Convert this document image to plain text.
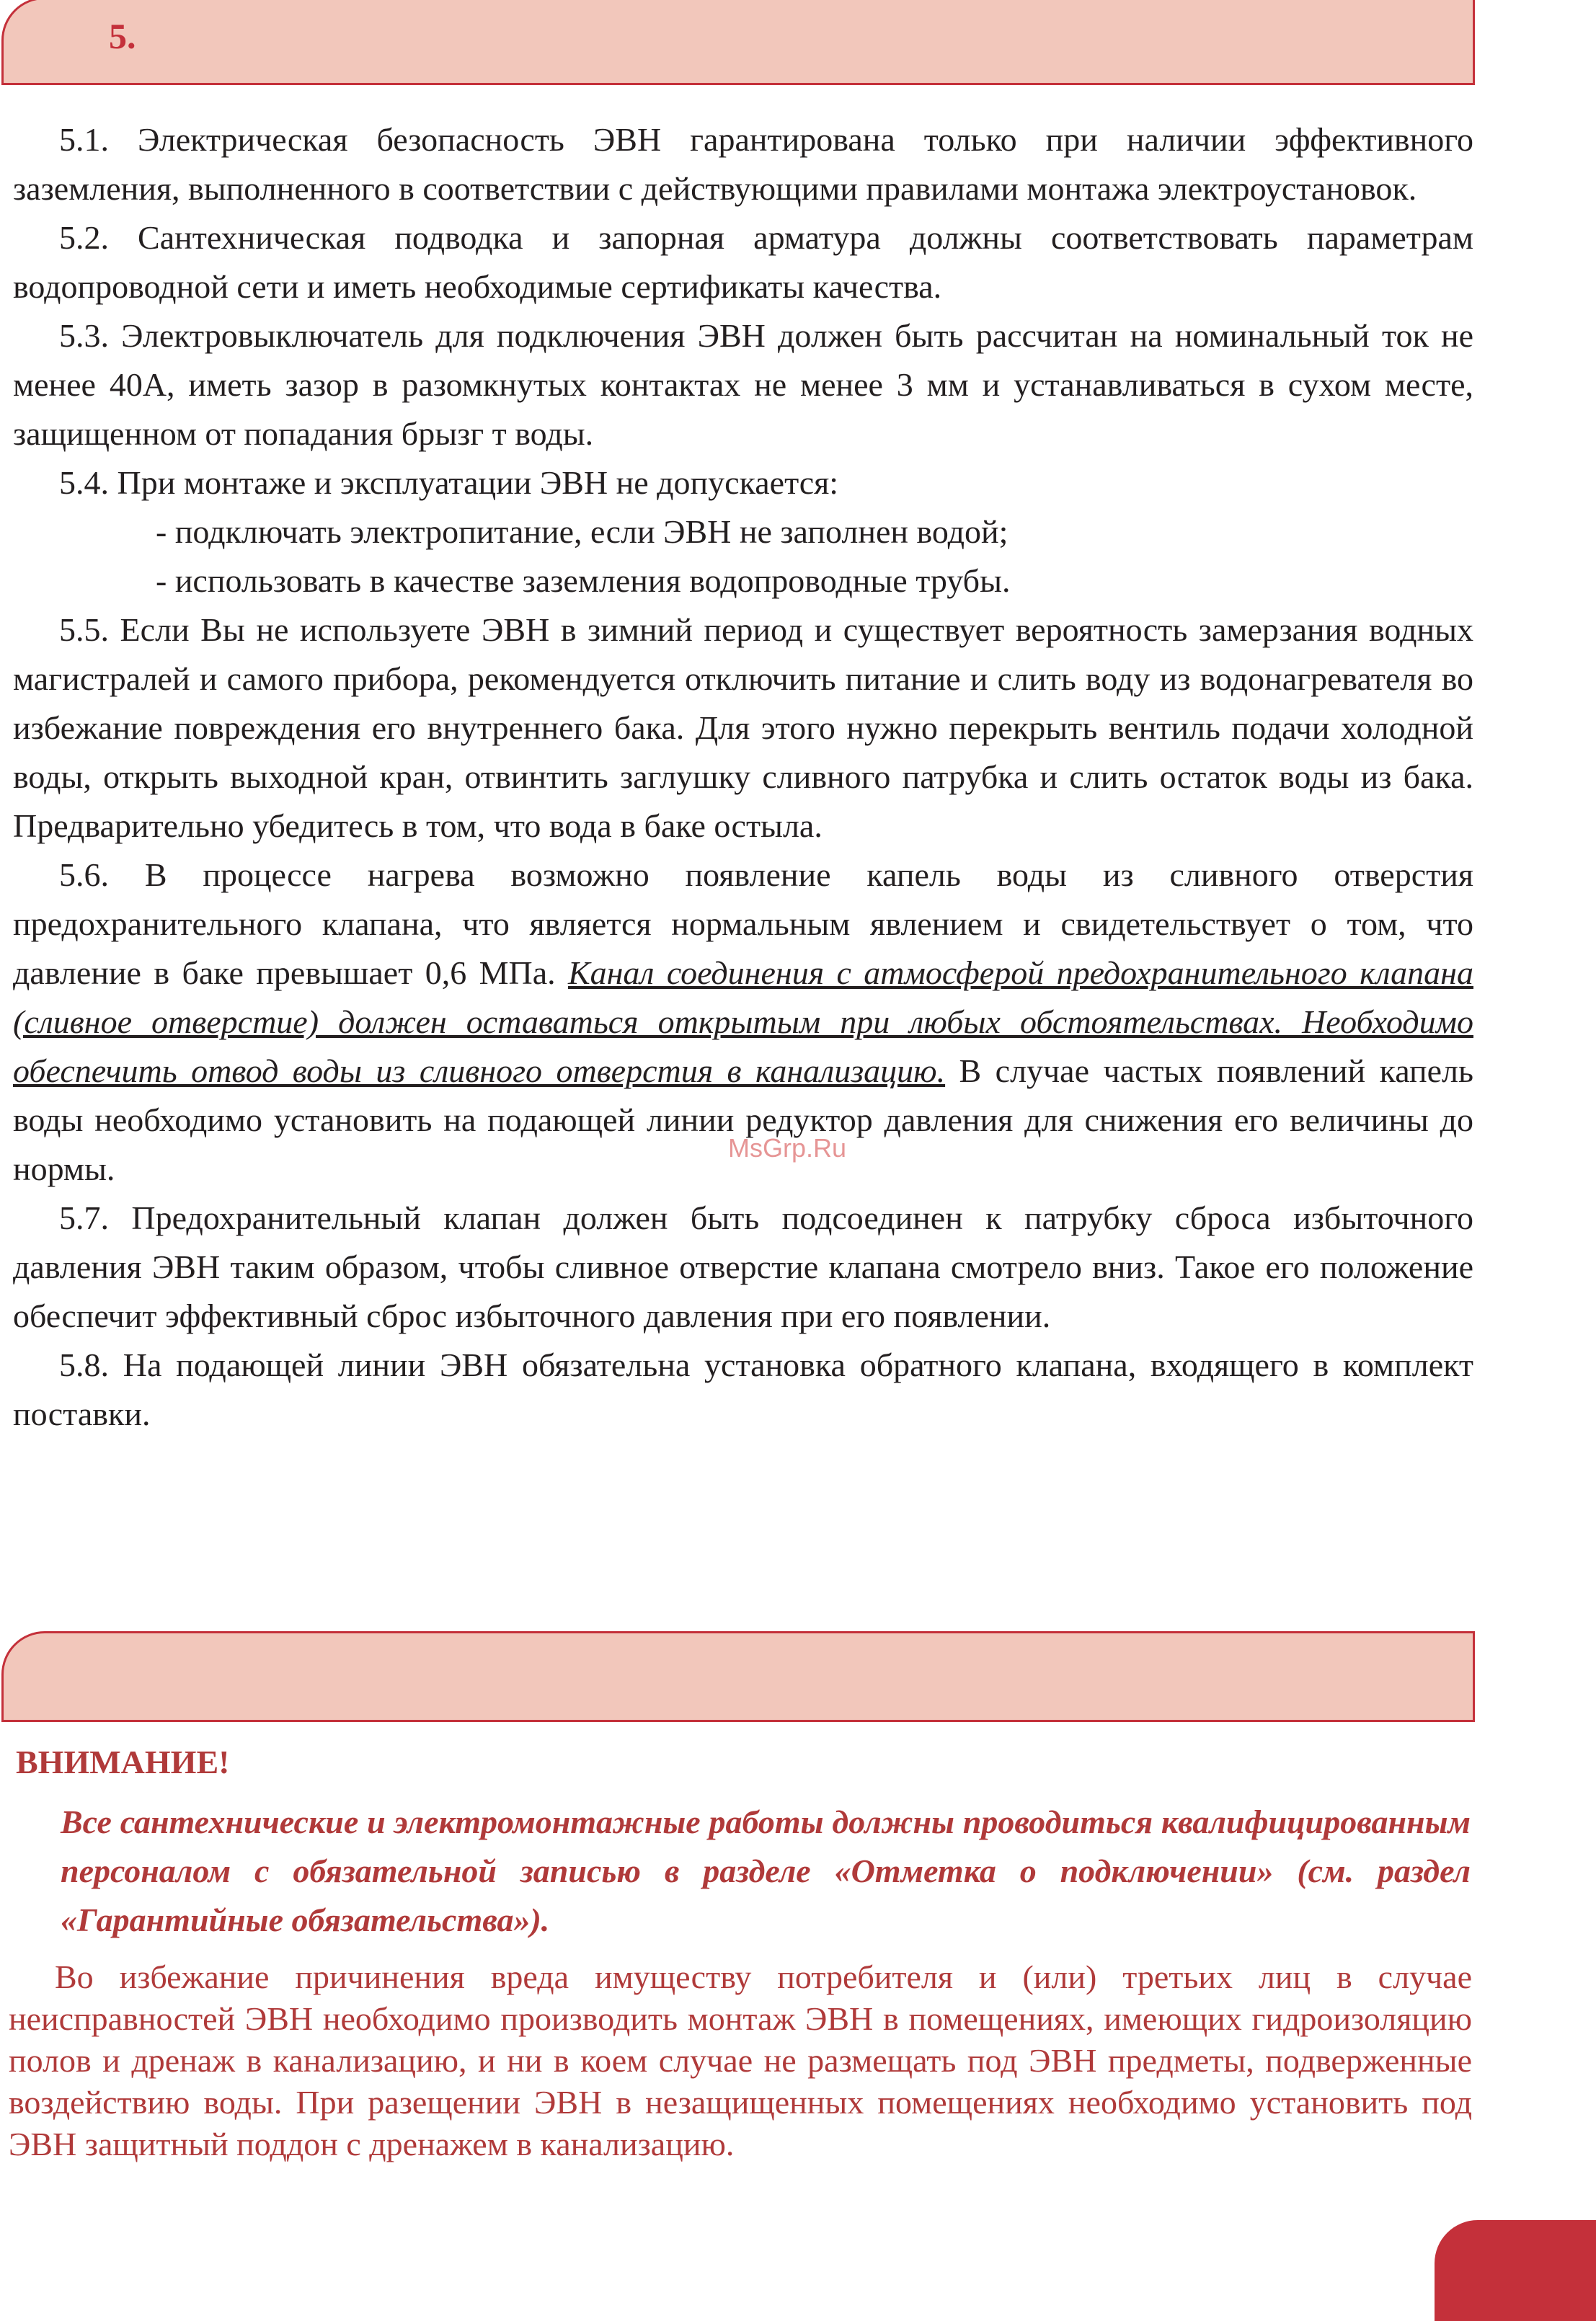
5.

5.1. Электрическая безопасность ЭВН гарантирована только при наличии эффективного заземления, выполненного в соответствии с действующими правилами монтажа электроустановок.

5.2. Сантехническая подводка и запорная арматура должны соответствовать параметрам водопроводной сети и иметь необходимые сертификаты качества.

5.3. Электровыключатель для подключения ЭВН должен быть рассчитан на номинальный ток не менее 40А, иметь зазор в разомкнутых контактах не менее 3 мм и устанавливаться в сухом месте, защищенном от попадания брызг т воды.

5.4. При монтаже и эксплуатации ЭВН не допускается:

- подключать электропитание, если ЭВН не заполнен водой;

- использовать в качестве заземления водопроводные трубы.

5.5. Если Вы не используете ЭВН в зимний период и существует вероятность замерзания водных магистралей и самого прибора, рекомендуется отключить питание и слить воду из водонагревателя во избежание повреждения его внутреннего бака. Для этого нужно перекрыть вентиль подачи холодной воды, открыть выходной кран, отвинтить заглушку сливного патрубка и слить остаток воды из бака. Предварительно убедитесь в том, что вода в баке остыла.

5.6. В процессе нагрева возможно появление капель воды из сливного отверстия предохранительного клапана, что является нормальным явлением и свидетельствует о том, что давление в баке превышает 0,6 МПа. Канал соединения с атмосферой предохранительного клапана (сливное отверстие) должен оставаться открытым при любых обстоятельствах. Необходимо обеспечить отвод воды из сливного отверстия в канализацию. В случае частых появлений капель воды необходимо установить на подающей линии редуктор давления для снижения его величины до нормы.

5.7. Предохранительный клапан должен быть подсоединен к патрубку сброса избыточного давления ЭВН таким образом, чтобы сливное отверстие клапана смотрело вниз. Такое его положение обеспечит эффективный сброс избыточного давления при его появлении.

5.8. На подающей линии ЭВН обязательна установка обратного клапана, входящего в комплект поставки.

MsGrp.Ru
ВНИМАНИЕ!
Все сантехнические и электромонтажные работы должны проводиться квалифицированным персоналом с обязательной записью в разделе «Отметка о подключении» (см. раздел «Гарантийные обязательства»).
Во избежание причинения вреда имуществу потребителя и (или) третьих лиц в случае неисправностей ЭВН необходимо производить монтаж ЭВН в помещениях, имеющих гидроизоляцию полов и дренаж в канализацию, и ни в коем случае не размещать под ЭВН предметы, подверженные воздействию воды. При разещении ЭВН в незащищенных помещениях необходимо установить под ЭВН защитный поддон с дренажем в канализацию.
